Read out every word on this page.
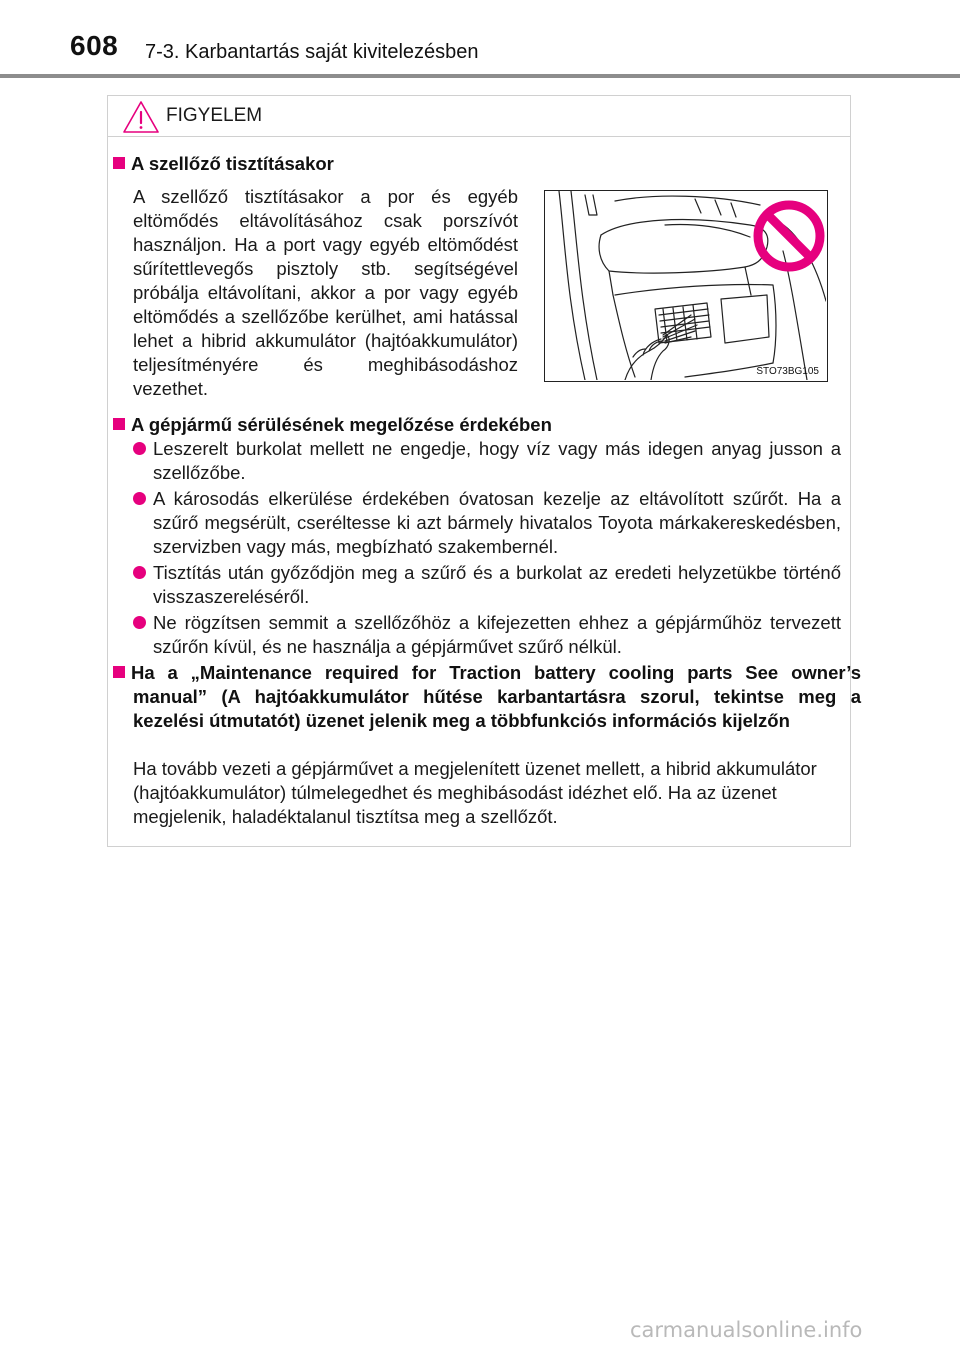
608 7-3. Karbantartás saját kivitelezésben
FIGYELEM
A szellőző tisztításakor
A szellőző tisztításakor a por és egyéb eltömődés eltávolításához csak porszívót használjon. Ha a port vagy egyéb eltömődést sűrítettlevegős pisztoly stb. segítségével próbálja eltávolítani, akkor a por vagy egyéb eltömődés a szellőzőbe kerülhet, ami hatással lehet a hibrid akkumulátor (hajtóakkumulátor) teljesítményére és meghibásodáshoz vezethet.
STO73BG105
A gépjármű sérülésének megelőzése érdekében
Leszerelt burkolat mellett ne engedje, hogy víz vagy más idegen anyag jusson a szellőzőbe.
A károsodás elkerülése érdekében óvatosan kezelje az eltávolított szűrőt. Ha a szűrő megsérült, cseréltesse ki azt bármely hivatalos Toyota márkakereskedésben, szervizben vagy más, megbízható szakembernél.
Tisztítás után győződjön meg a szűrő és a burkolat az eredeti helyzetükbe történő visszaszereléséről.
Ne rögzítsen semmit a szellőzőhöz a kifejezetten ehhez a gépjárműhöz tervezett szűrőn kívül, és ne használja a gépjárművet szűrő nélkül.
Ha a „Maintenance required for Traction battery cooling parts See owner’s manual” (A hajtóakkumulátor hűtése karbantartásra szorul, tekintse meg a kezelési útmutatót) üzenet jelenik meg a többfunkciós információs kijelzőn
Ha tovább vezeti a gépjárművet a megjelenített üzenet mellett, a hibrid akkumulátor (hajtóakkumulátor) túlmelegedhet és meghibásodást idézhet elő. Ha az üzenet megjelenik, haladéktalanul tisztítsa meg a szellőzőt.
carmanualsonline.info
